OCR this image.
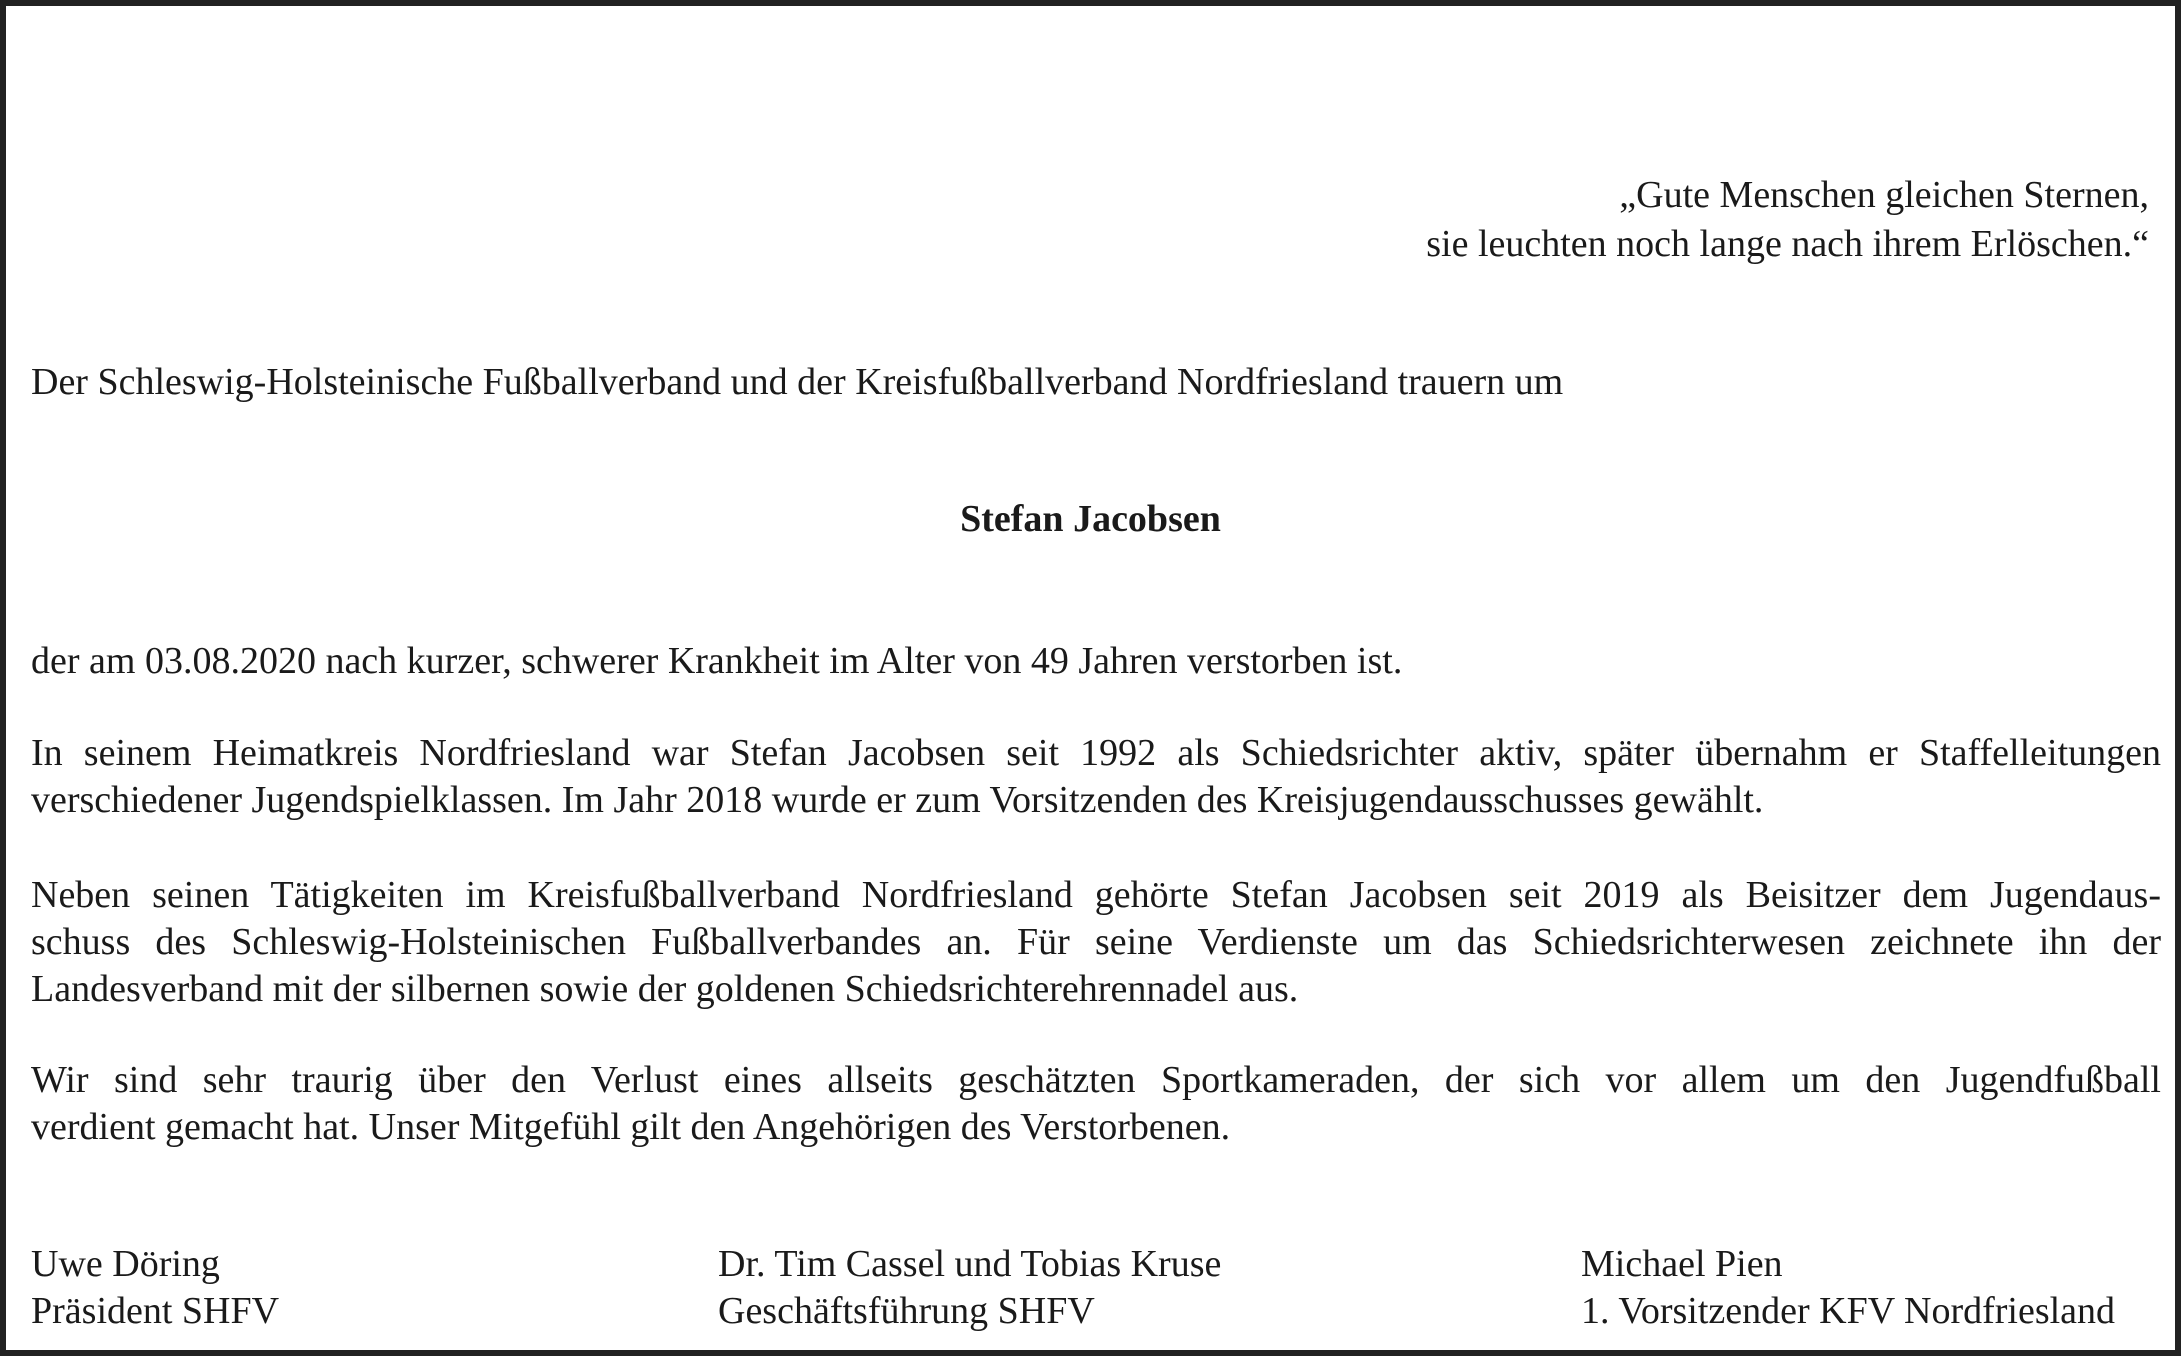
„Gute Menschen gleichen Sternen,
sie leuchten noch lange nach ihrem Erlöschen.“
Der Schleswig-Holsteinische Fußballverband und der Kreisfußballverband Nordfriesland trauern um
Stefan Jacobsen
der am 03.08.2020 nach kurzer, schwerer Krankheit im Alter von 49 Jahren verstorben ist.
In seinem Heimatkreis Nordfriesland war Stefan Jacobsen seit 1992 als Schiedsrichter aktiv, später übernahm er Staffelleitungen
verschiedener Jugendspielklassen. Im Jahr 2018 wurde er zum Vorsitzenden des Kreisjugendausschusses gewählt.
Neben seinen Tätigkeiten im Kreisfußballverband Nordfriesland gehörte Stefan Jacobsen seit 2019 als Beisitzer dem Jugendaus-
schuss des Schleswig-Holsteinischen Fußballverbandes an. Für seine Verdienste um das Schiedsrichterwesen zeichnete ihn der
Landesverband mit der silbernen sowie der goldenen Schiedsrichterehrennadel aus.
Wir sind sehr traurig über den Verlust eines allseits geschätzten Sportkameraden, der sich vor allem um den Jugendfußball
verdient gemacht hat. Unser Mitgefühl gilt den Angehörigen des Verstorbenen.
Uwe Döring
Präsident SHFV
Dr. Tim Cassel und Tobias Kruse
Geschäftsführung SHFV
Michael Pien
1. Vorsitzender KFV Nordfriesland
